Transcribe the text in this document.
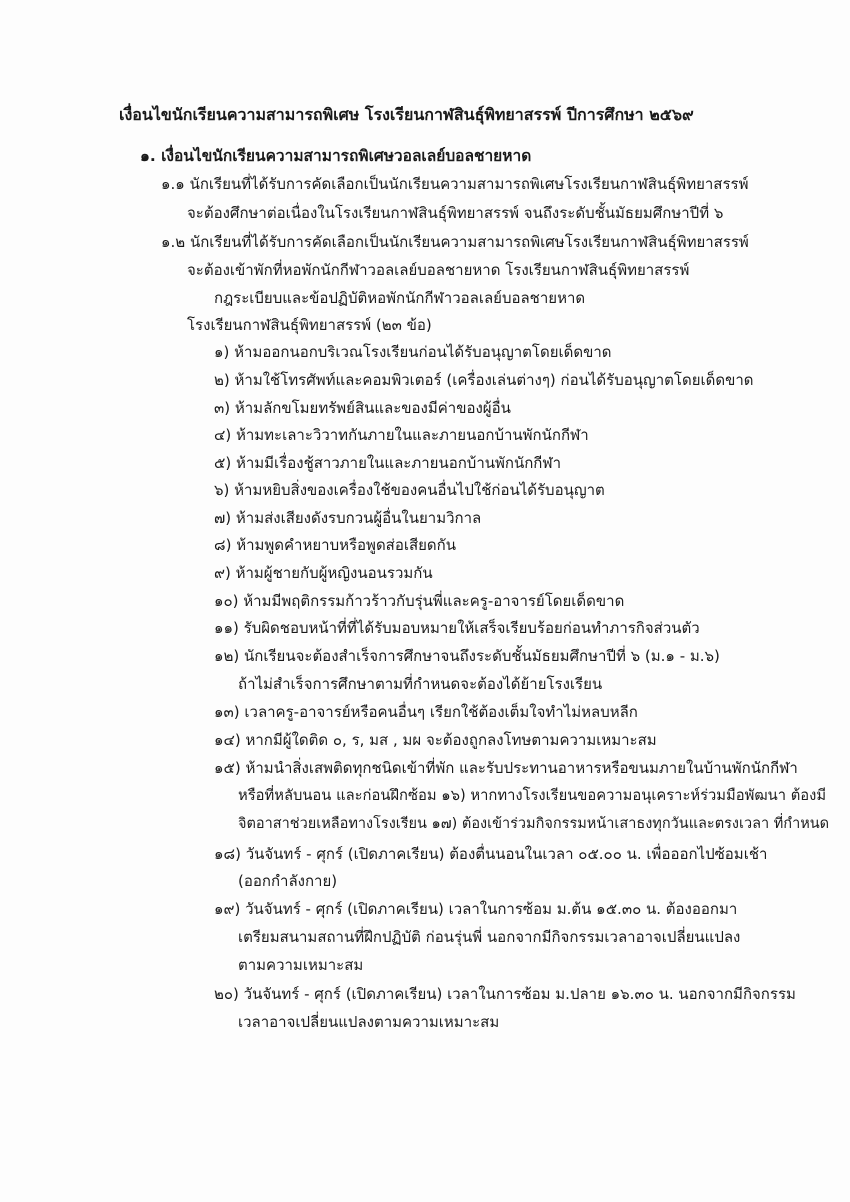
เงื่อนไขนักเรียนความสามารถพิเศษ โรงเรียนกาฬสินธุ์พิทยาสรรพ์ ปีการศึกษา ๒๕๖๙
๑. เงื่อนไขนักเรียนความสามารถพิเศษวอลเลย์บอลชายหาด
๑.๑ นักเรียนที่ได้รับการคัดเลือกเป็นนักเรียนความสามารถพิเศษโรงเรียนกาฬสินธุ์พิทยาสรรพ์
จะต้องศึกษาต่อเนื่องในโรงเรียนกาฬสินธุ์พิทยาสรรพ์ จนถึงระดับชั้นมัธยมศึกษาปีที่ ๖
๑.๒ นักเรียนที่ได้รับการคัดเลือกเป็นนักเรียนความสามารถพิเศษโรงเรียนกาฬสินธุ์พิทยาสรรพ์
จะต้องเข้าพักที่หอพักนักกีฬาวอลเลย์บอลชายหาด โรงเรียนกาฬสินธุ์พิทยาสรรพ์
กฎระเบียบและข้อปฏิบัติหอพักนักกีฬาวอลเลย์บอลชายหาด
โรงเรียนกาฬสินธุ์พิทยาสรรพ์ (๒๓ ข้อ)
๑) ห้ามออกนอกบริเวณโรงเรียนก่อนได้รับอนุญาตโดยเด็ดขาด
๒) ห้ามใช้โทรศัพท์และคอมพิวเตอร์ (เครื่องเล่นต่างๆ) ก่อนได้รับอนุญาตโดยเด็ดขาด
๓) ห้ามลักขโมยทรัพย์สินและของมีค่าของผู้อื่น
๔) ห้ามทะเลาะวิวาทกันภายในและภายนอกบ้านพักนักกีฬา
๕) ห้ามมีเรื่องชู้สาวภายในและภายนอกบ้านพักนักกีฬา
๖) ห้ามหยิบสิ่งของเครื่องใช้ของคนอื่นไปใช้ก่อนได้รับอนุญาต
๗) ห้ามส่งเสียงดังรบกวนผู้อื่นในยามวิกาล
๘) ห้ามพูดคำหยาบหรือพูดส่อเสียดกัน
๙) ห้ามผู้ชายกับผู้หญิงนอนรวมกัน
๑๐) ห้ามมีพฤติกรรมก้าวร้าวกับรุ่นพี่และครู-อาจารย์โดยเด็ดขาด
๑๑) รับผิดชอบหน้าที่ที่ได้รับมอบหมายให้เสร็จเรียบร้อยก่อนทำภารกิจส่วนตัว
๑๒) นักเรียนจะต้องสำเร็จการศึกษาจนถึงระดับชั้นมัธยมศึกษาปีที่ ๖ (ม.๑ - ม.๖)
ถ้าไม่สำเร็จการศึกษาตามที่กำหนดจะต้องได้ย้ายโรงเรียน
๑๓) เวลาครู-อาจารย์หรือคนอื่นๆ เรียกใช้ต้องเต็มใจทำไม่หลบหลีก
๑๔) หากมีผู้ใดติด ๐, ร, มส , มผ จะต้องถูกลงโทษตามความเหมาะสม
๑๕) ห้ามนำสิ่งเสพติดทุกชนิดเข้าที่พัก และรับประทานอาหารหรือขนมภายในบ้านพักนักกีฬา
หรือที่หลับนอน และก่อนฝึกซ้อม ๑๖) หากทางโรงเรียนขอความอนุเคราะห์ร่วมมือพัฒนา ต้องมี
จิตอาสาช่วยเหลือทางโรงเรียน ๑๗) ต้องเข้าร่วมกิจกรรมหน้าเสาธงทุกวันและตรงเวลา ที่กำหนด
๑๘) วันจันทร์ - ศุกร์ (เปิดภาคเรียน) ต้องตื่นนอนในเวลา ๐๕.๐๐ น. เพื่อออกไปซ้อมเช้า
(ออกกำลังกาย)
๑๙) วันจันทร์ - ศุกร์ (เปิดภาคเรียน) เวลาในการซ้อม ม.ต้น ๑๕.๓๐ น. ต้องออกมา
เตรียมสนามสถานที่ฝึกปฏิบัติ ก่อนรุ่นพี่ นอกจากมีกิจกรรมเวลาอาจเปลี่ยนแปลง
ตามความเหมาะสม
๒๐) วันจันทร์ - ศุกร์ (เปิดภาคเรียน) เวลาในการซ้อม ม.ปลาย ๑๖.๓๐ น. นอกจากมีกิจกรรม
เวลาอาจเปลี่ยนแปลงตามความเหมาะสม
